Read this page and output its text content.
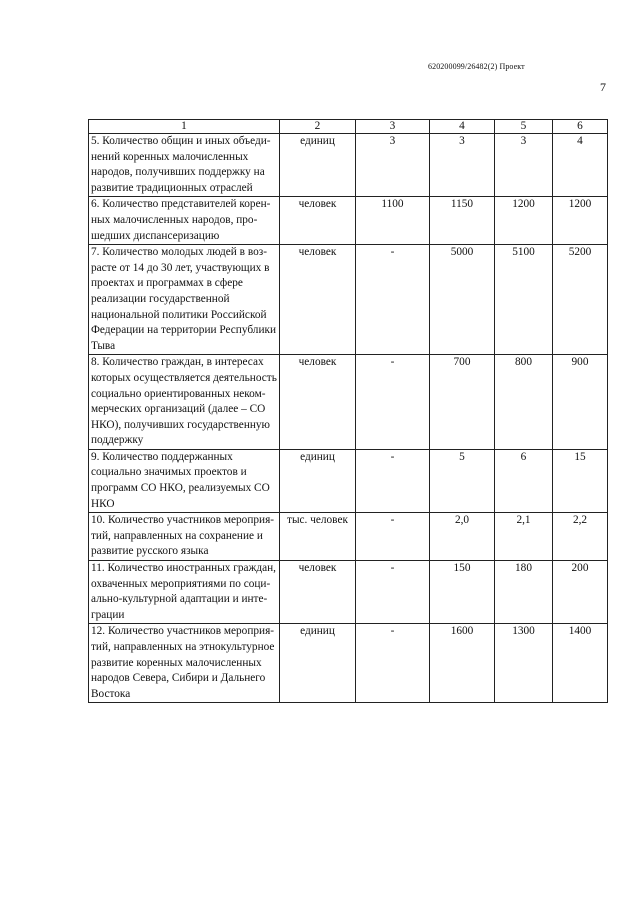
620200099/26482(2) Проект
7
1	2	3	4	5	6
5. Количество общин и иных объединений коренных малочисленных народов, получивших поддержку на развитие традиционных отраслей	единиц	3	3	3	4
6. Количество представителей коренных малочисленных народов, прошедших диспансеризацию	человек	1100	1150	1200	1200
7. Количество молодых людей в возрасте от 14 до 30 лет, участвующих в проектах и программах в сфере реализации государственной национальной политики Российской Федерации на территории Республики Тыва	человек	-	5000	5100	5200
8. Количество граждан, в интересах которых осуществляется деятельность социально ориентированных некоммерческих организаций (далее – СО НКО), получивших государственную поддержку	человек	-	700	800	900
9. Количество поддержанных социально значимых проектов и программ СО НКО, реализуемых СО НКО	единиц	-	5	6	15
10. Количество участников мероприятий, направленных на сохранение и развитие русского языка	тыс. человек	-	2,0	2,1	2,2
11. Количество иностранных граждан, охваченных мероприятиями по социально-культурной адаптации и интеграции	человек	-	150	180	200
12. Количество участников мероприятий, направленных на этнокультурное развитие коренных малочисленных народов Севера, Сибири и Дальнего Востока	единиц	-	1600	1300	1400
